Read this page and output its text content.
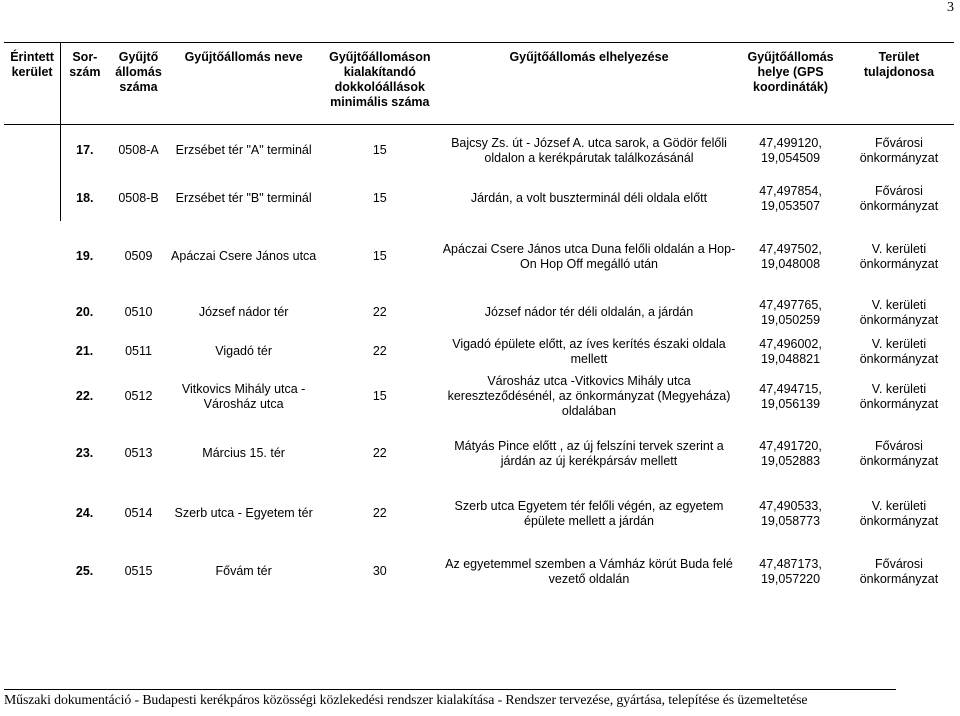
3
Érintett kerület	Sor-szám	Gyűjtő állomás száma	Gyűjtőállomás neve	Gyűjtőállomáson kialakítandó dokkolóállások minimális száma	Gyűjtőállomás elhelyezése	Gyűjtőállomás helye (GPS koordináták)	Terület tulajdonosa
	17.	0508-A	Erzsébet tér "A" terminál	15	Bajcsy Zs. út - József A. utca sarok, a Gödör felőli oldalon a kerékpárutak találkozásánál	47,499120, 19,054509	Fővárosi önkormányzat
	18.	0508-B	Erzsébet tér "B" terminál	15	Járdán, a volt buszterminál déli oldala előtt	47,497854, 19,053507	Fővárosi önkormányzat
	19.	0509	Apáczai Csere János utca	15	Apáczai Csere János utca Duna felőli oldalán a Hop-On Hop Off megálló után	47,497502, 19,048008	V. kerületi önkormányzat
	20.	0510	József nádor tér	22	József nádor tér déli oldalán, a járdán	47,497765, 19,050259	V. kerületi önkormányzat
	21.	0511	Vigadó tér	22	Vigadó épülete előtt, az íves kerítés északi oldala mellett	47,496002, 19,048821	V. kerületi önkormányzat
	22.	0512	Vitkovics Mihály utca - Városház utca	15	Városház utca -Vitkovics Mihály utca kereszteződésénél, az önkormányzat (Megyeháza) oldalában	47,494715, 19,056139	V. kerületi önkormányzat
	23.	0513	Március 15. tér	22	Mátyás Pince előtt , az új felszíni tervek szerint a járdán az új kerékpársáv mellett	47,491720, 19,052883	Fővárosi önkormányzat
	24.	0514	Szerb utca - Egyetem tér	22	Szerb utca Egyetem tér felőli végén, az egyetem épülete mellett a járdán	47,490533, 19,058773	V. kerületi önkormányzat
	25.	0515	Fővám tér	30	Az egyetemmel szemben a Vámház körút Buda felé vezető oldalán	47,487173, 19,057220	Fővárosi önkormányzat
Műszaki dokumentáció - Budapesti kerékpáros közösségi közlekedési rendszer kialakítása - Rendszer tervezése, gyártása, telepítése és üzemeltetése
